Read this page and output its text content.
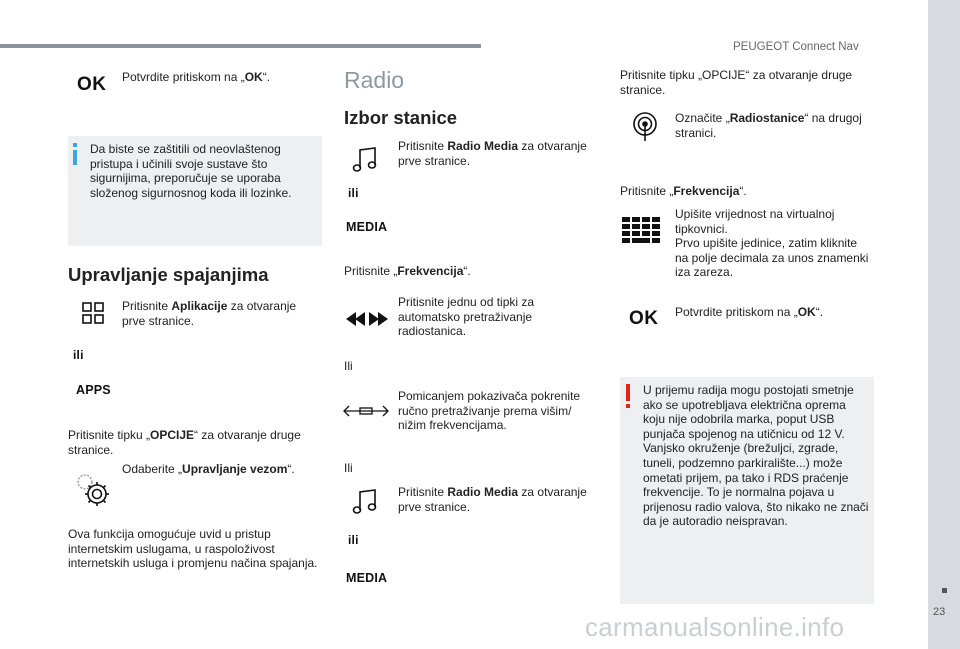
PEUGEOT Connect Nav
23
carmanualsonline.info
OK Potvrdite pritiskom na „OK“.
Da biste se zaštitili od neovlaštenog
pristupa i učinili svoje sustave što
sigurnijima, preporučuje se uporaba
složenog sigurnosnog koda ili lozinke.
Upravljanje spajanjima
Pritisnite Aplikacije za otvaranje
prve stranice.
ili
APPS
Pritisnite tipku „OPCIJE“ za otvaranje druge
stranice.
Odaberite „Upravljanje vezom“.
Ova funkcija omogućuje uvid u pristup
internetskim uslugama, u raspoloživost
internetskih usluga i promjenu načina spajanja.
Radio
Izbor stanice
Pritisnite Radio Media za otvaranje
prve stranice.
ili
MEDIA
Pritisnite „Frekvencija“.
Pritisnite jednu od tipki za
automatsko pretraživanje
radiostanica.
Ili
Pomicanjem pokazivača pokrenite
ručno pretraživanje prema višim/
nižim frekvencijama.
Ili
Pritisnite Radio Media za otvaranje
prve stranice.
ili
MEDIA
Pritisnite tipku „OPCIJE“ za otvaranje druge
stranice.
Označite „Radiostanice“ na drugoj
stranici.
Pritisnite „Frekvencija“.
Upišite vrijednost na virtualnoj
tipkovnici.
Prvo upišite jedinice, zatim kliknite
na polje decimala za unos znamenki
iza zareza.
OK Potvrdite pritiskom na „OK“.
U prijemu radija mogu postojati smetnje
ako se upotrebljava električna oprema
koju nije odobrila marka, poput USB
punjača spojenog na utičnicu od 12 V.
Vanjsko okruženje (brežuljci, zgrade,
tuneli, podzemno parkiralište...) može
ometati prijem, pa tako i RDS praćenje
frekvencije. To je normalna pojava u
prijenosu radio valova, što nikako ne znači
da je autoradio neispravan.
